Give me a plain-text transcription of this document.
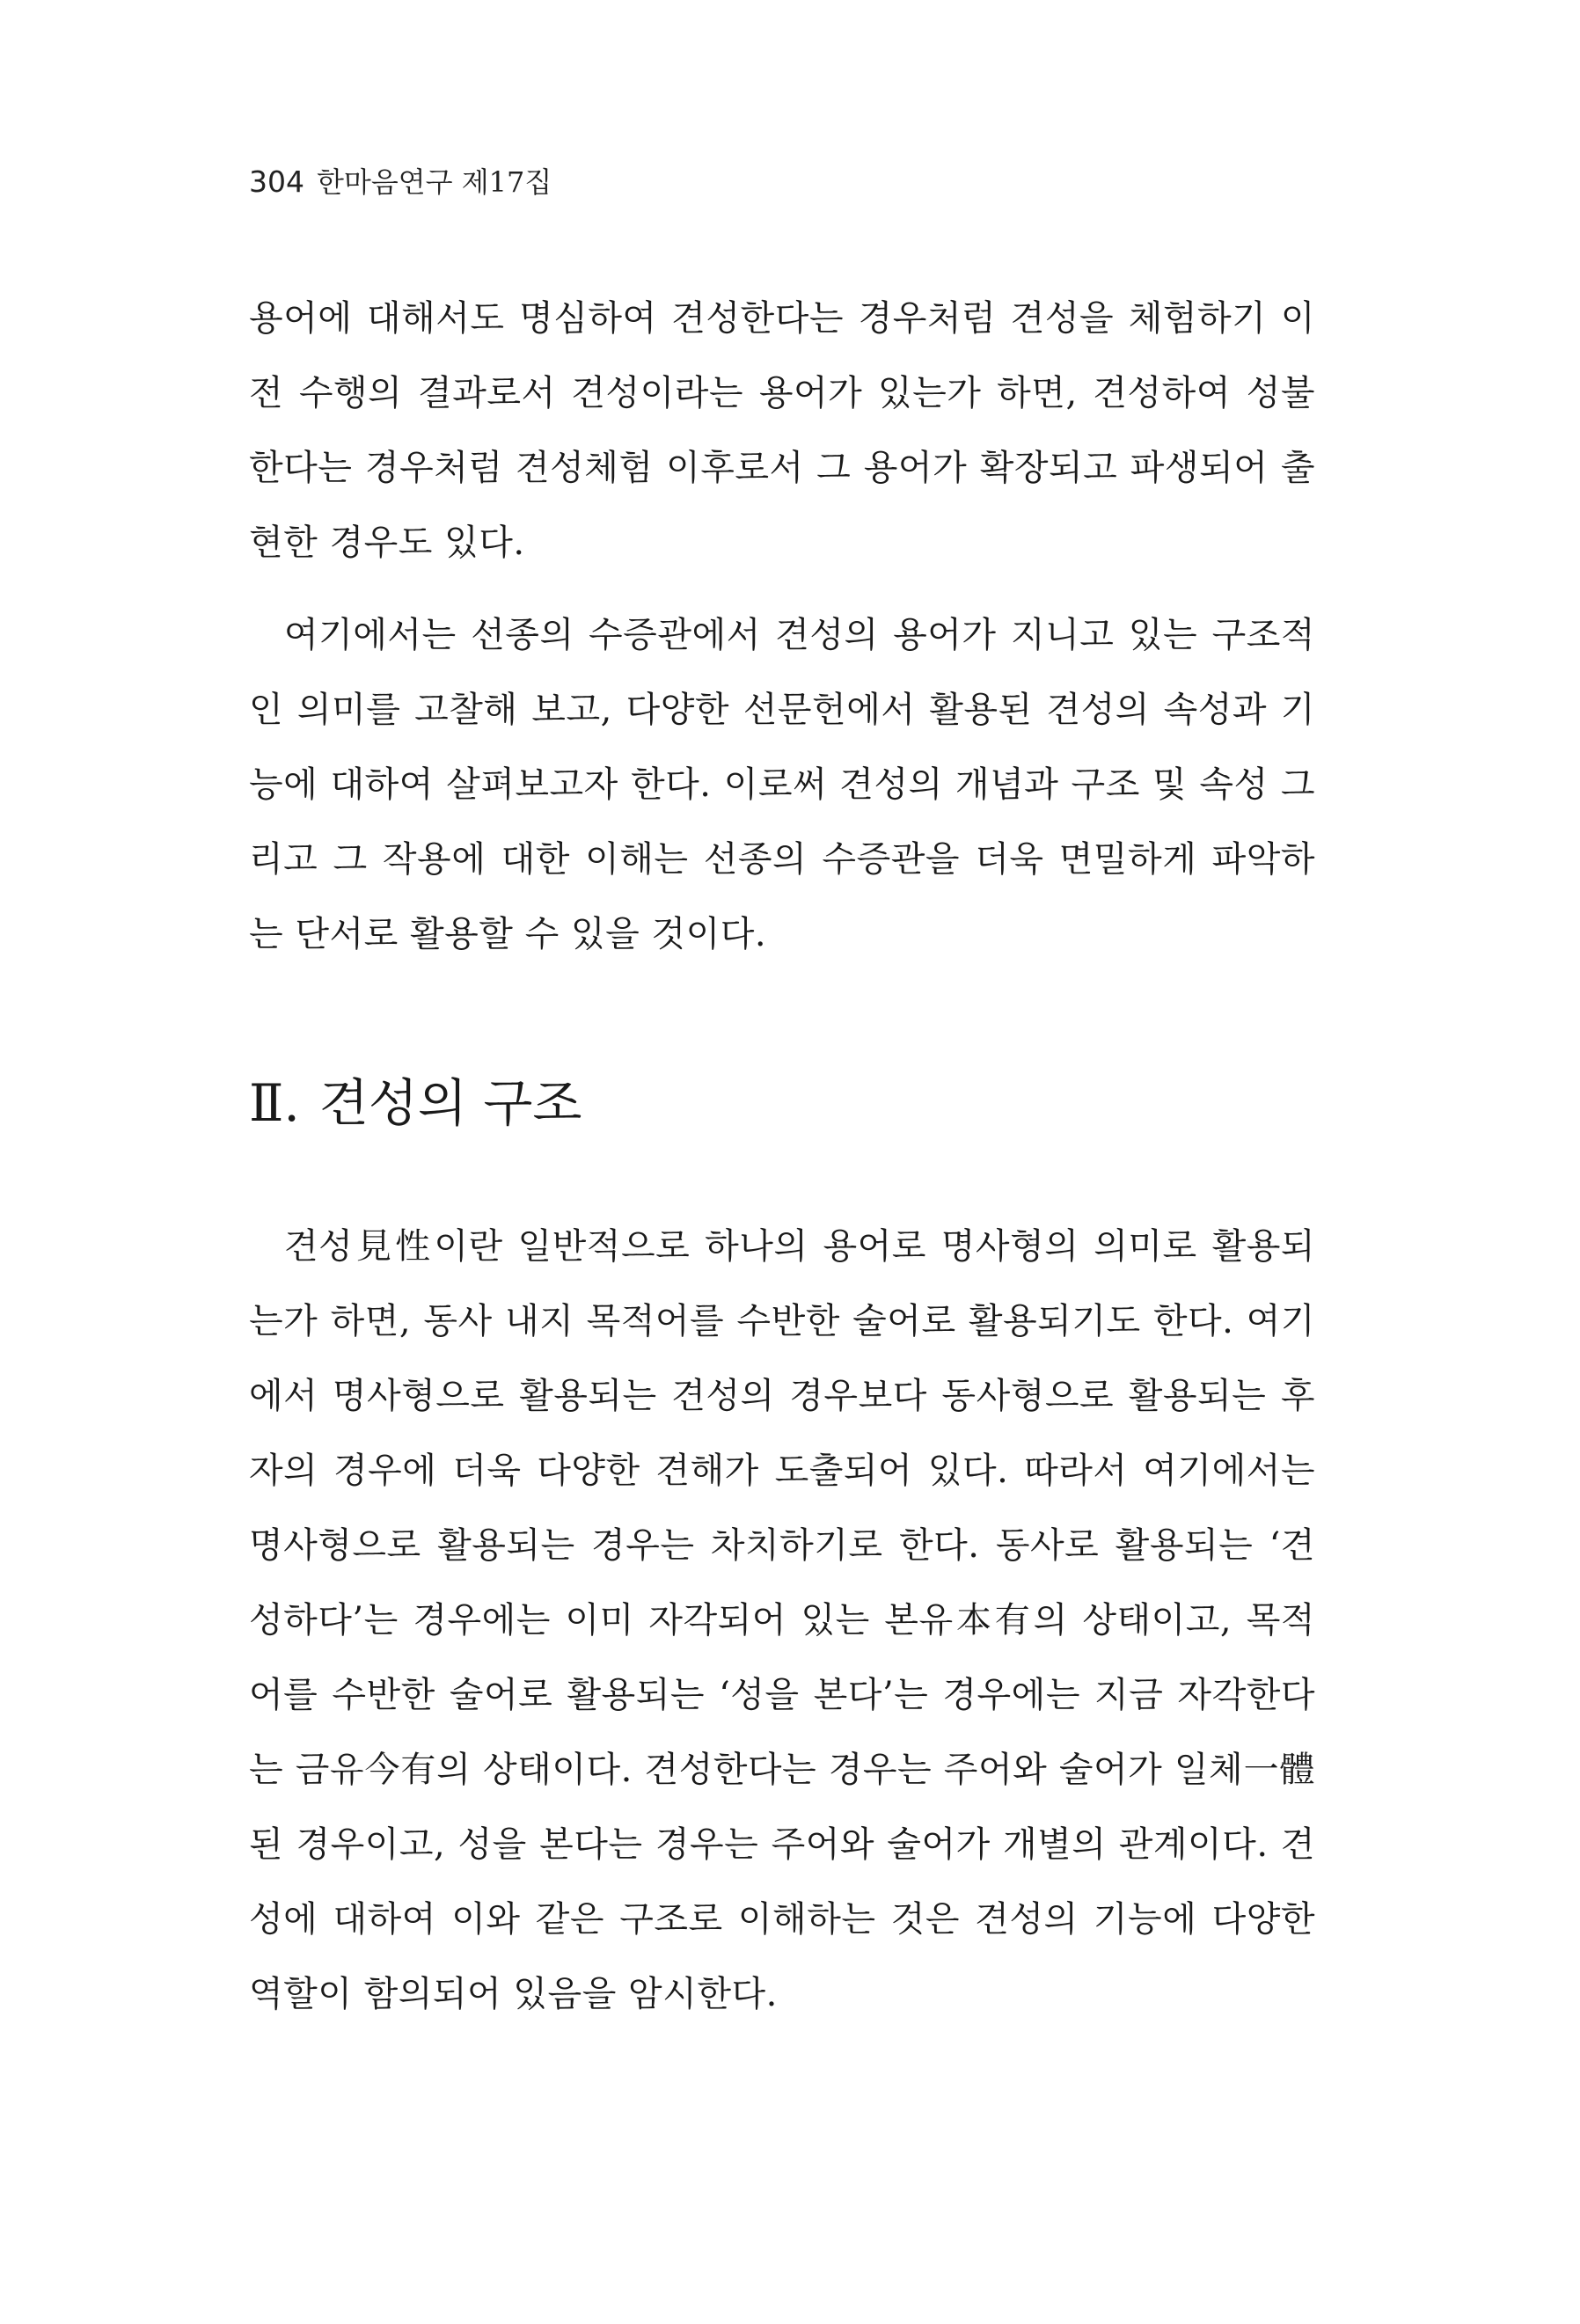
304 한마음연구 제17집

용어에 대해서도 명심하여 견성한다는 경우처럼 견성을 체험하기 이전 수행의 결과로서 견성이라는 용어가 있는가 하면, 견성하여 성불한다는 경우처럼 견성체험 이후로서 그 용어가 확장되고 파생되어 출현한 경우도 있다.

여기에서는 선종의 수증관에서 견성의 용어가 지니고 있는 구조적인 의미를 고찰해 보고, 다양한 선문헌에서 활용된 견성의 속성과 기능에 대하여 살펴보고자 한다. 이로써 견성의 개념과 구조 및 속성 그리고 그 작용에 대한 이해는 선종의 수증관을 더욱 면밀하게 파악하는 단서로 활용할 수 있을 것이다.

Ⅱ. 견성의 구조

견성見性이란 일반적으로 하나의 용어로 명사형의 의미로 활용되는가 하면, 동사 내지 목적어를 수반한 술어로 활용되기도 한다. 여기에서 명사형으로 활용되는 견성의 경우보다 동사형으로 활용되는 후자의 경우에 더욱 다양한 견해가 도출되어 있다. 따라서 여기에서는 명사형으로 활용되는 경우는 차치하기로 한다. 동사로 활용되는 ‘견성하다’는 경우에는 이미 자각되어 있는 본유本有의 상태이고, 목적어를 수반한 술어로 활용되는 ‘성을 본다’는 경우에는 지금 자각한다는 금유今有의 상태이다. 견성한다는 경우는 주어와 술어가 일체一體된 경우이고, 성을 본다는 경우는 주어와 술어가 개별의 관계이다. 견성에 대하여 이와 같은 구조로 이해하는 것은 견성의 기능에 다양한 역할이 함의되어 있음을 암시한다.
